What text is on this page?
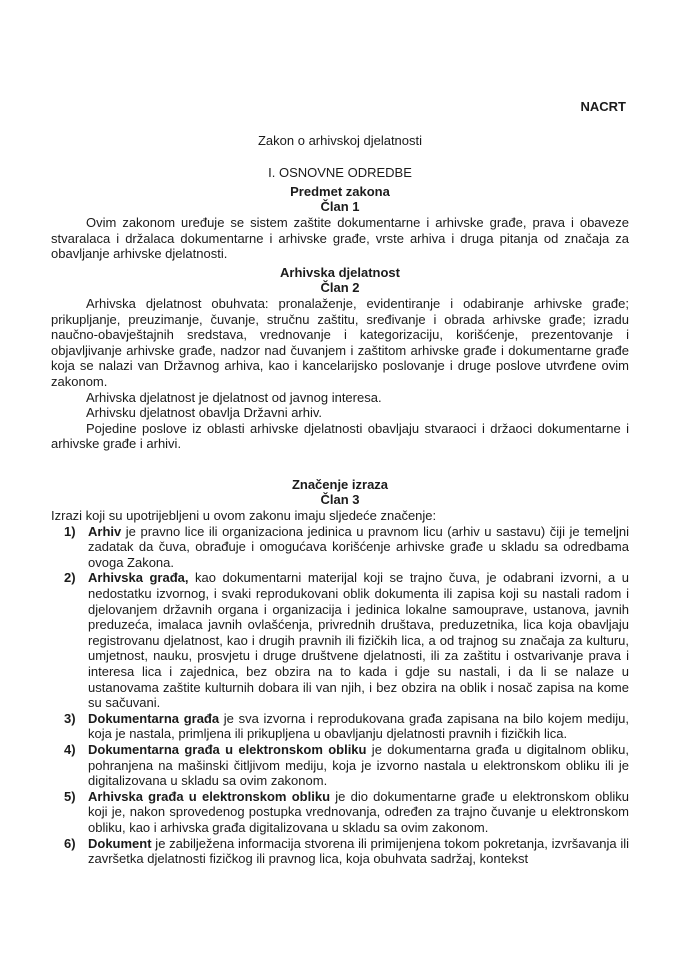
NACRT
Zakon o arhivskoj djelatnosti
I. OSNOVNE ODREDBE
Predmet zakona
Član 1
Ovim zakonom uređuje se sistem zaštite dokumentarne i arhivske građe, prava i obaveze stvaralaca i držalaca dokumentarne i arhivske građe, vrste arhiva i druga pitanja od značaja za obavljanje arhivske djelatnosti.
Arhivska djelatnost
Član 2
Arhivska djelatnost obuhvata: pronalaženje, evidentiranje i odabiranje arhivske građe; prikupljanje, preuzimanje, čuvanje, stručnu zaštitu, sređivanje i obrada arhivske građe; izradu naučno-obavještajnih sredstava, vrednovanje i kategorizaciju, korišćenje, prezentovanje i objavljivanje arhivske građe, nadzor nad čuvanjem i zaštitom arhivske građe i dokumentarne građe koja se nalazi van Državnog arhiva, kao i kancelarijsko poslovanje i druge poslove utvrđene ovim zakonom.
Arhivska djelatnost je djelatnost od javnog interesa.
Arhivsku djelatnost obavlja Državni arhiv.
Pojedine poslove iz oblasti arhivske djelatnosti obavljaju stvaraoci i držaoci dokumentarne i arhivske građe i arhivi.
Značenje izraza
Član 3
Izrazi koji su upotrijebljeni u ovom zakonu imaju sljedeće značenje:
1) Arhiv je pravno lice ili organizaciona jedinica u pravnom licu (arhiv u sastavu) čiji je temeljni zadatak da čuva, obrađuje i omogućava korišćenje arhivske građe u skladu sa odredbama ovoga Zakona.
2) Arhivska građa, kao dokumentarni materijal koji se trajno čuva, je odabrani izvorni, a u nedostatku izvornog, i svaki reprodukovani oblik dokumenta ili zapisa koji su nastali radom i djelovanjem državnih organa i organizacija i jedinica lokalne samouprave, ustanova, javnih preduzeća, imalaca javnih ovlašćenja, privrednih društava, preduzetnika, lica koja obavljaju registrovanu djelatnost, kao i drugih pravnih ili fizičkih lica, a od trajnog su značaja za kulturu, umjetnost, nauku, prosvjetu i druge društvene djelatnosti, ili za zaštitu i ostvarivanje prava i interesa lica i zajednica, bez obzira na to kada i gdje su nastali, i da li se nalaze u ustanovama zaštite kulturnih dobara ili van njih, i bez obzira na oblik i nosač zapisa na kome su sačuvani.
3) Dokumentarna građa je sva izvorna i reprodukovana građa zapisana na bilo kojem mediju, koja je nastala, primljena ili prikupljena u obavljanju djelatnosti pravnih i fizičkih lica.
4) Dokumentarna građa u elektronskom obliku je dokumentarna građa u digitalnom obliku, pohranjena na mašinski čitljivom mediju, koja je izvorno nastala u elektronskom obliku ili je digitalizovana u skladu sa ovim zakonom.
5) Arhivska građa u elektronskom obliku je dio dokumentarne građe u elektronskom obliku koji je, nakon sprovedenog postupka vrednovanja, određen za trajno čuvanje u elektronskom obliku, kao i arhivska građa digitalizovana u skladu sa ovim zakonom.
6) Dokument je zabilježena informacija stvorena ili primijenjena tokom pokretanja, izvršavanja ili završetka djelatnosti fizičkog ili pravnog lica, koja obuhvata sadržaj, kontekst
